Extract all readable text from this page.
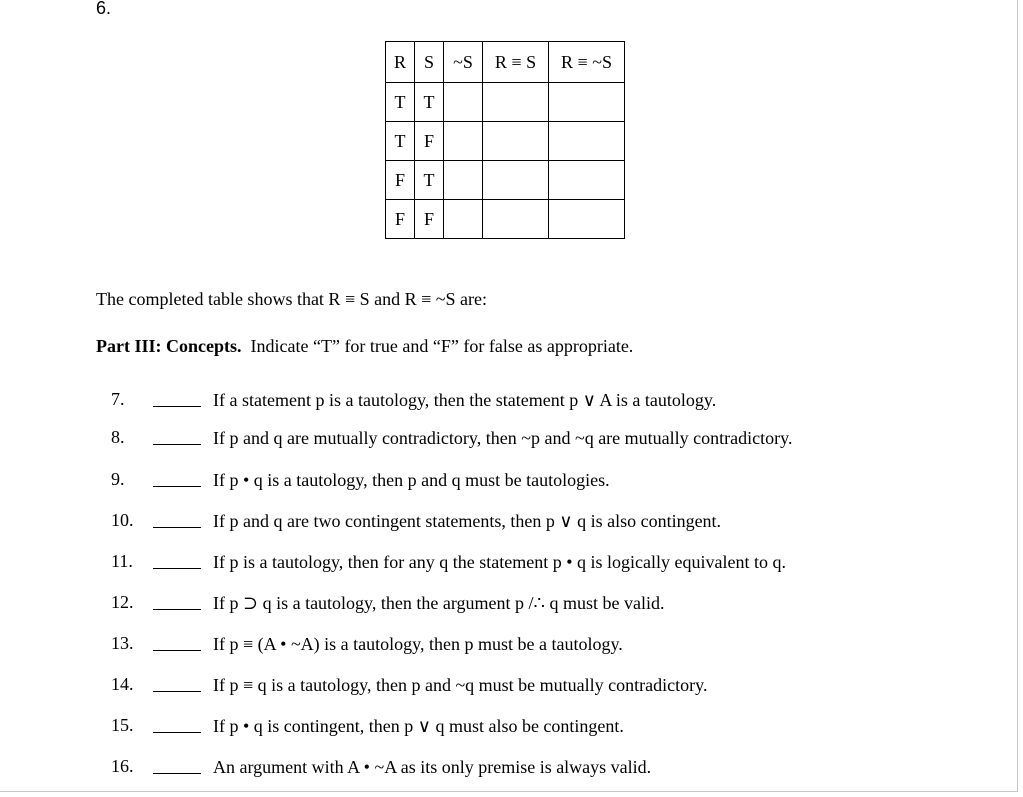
6.
R	S	~S	R ≡ S	R ≡ ~S
T	T			
T	F			
F	T			
F	F			
The completed table shows that R ≡ S and R ≡ ~S are:
Part III: Concepts. Indicate “T” for true and “F” for false as appropriate.
7.	If a statement p is a tautology, then the statement p ∨ A is a tautology.
8.	If p and q are mutually contradictory, then ~p and ~q are mutually contradictory.
9.	If p • q is a tautology, then p and q must be tautologies.
10.	If p and q are two contingent statements, then p ∨ q is also contingent.
11.	If p is a tautology, then for any q the statement p • q is logically equivalent to q.
12.	If p ⊃ q is a tautology, then the argument p /∴ q must be valid.
13.	If p ≡ (A • ~A) is a tautology, then p must be a tautology.
14.	If p ≡ q is a tautology, then p and ~q must be mutually contradictory.
15.	If p • q is contingent, then p ∨ q must also be contingent.
16.	An argument with A • ~A as its only premise is always valid.
